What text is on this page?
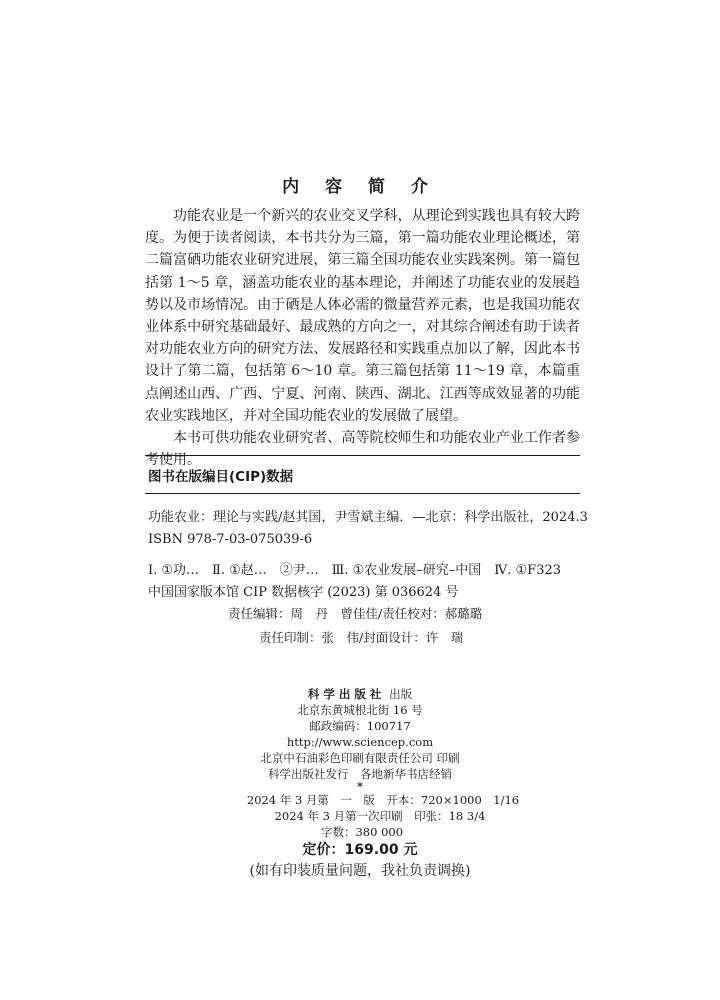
内 容 简 介

功能农业是一个新兴的农业交叉学科，从理论到实践也具有较大跨度。为便于读者阅读，本书共分为三篇，第一篇功能农业理论概述，第二篇富硒功能农业研究进展，第三篇全国功能农业实践案例。第一篇包括第 1～5 章，涵盖功能农业的基本理论，并阐述了功能农业的发展趋势以及市场情况。由于硒是人体必需的微量营养元素，也是我国功能农业体系中研究基础最好、最成熟的方向之一，对其综合阐述有助于读者对功能农业方向的研究方法、发展路径和实践重点加以了解，因此本书设计了第二篇，包括第 6～10 章。第三篇包括第 11～19 章，本篇重点阐述山西、广西、宁夏、河南、陕西、湖北、江西等成效显著的功能农业实践地区，并对全国功能农业的发展做了展望。

本书可供功能农业研究者、高等院校师生和功能农业产业工作者参考使用。

图书在版编目(CIP)数据
功能农业：理论与实践/赵其国，尹雪斌主编．—北京：科学出版社，2024.3
ISBN 978-7-03-075039-6
Ⅰ. ①功…　Ⅱ. ①赵…　②尹…　Ⅲ. ①农业发展–研究–中国　Ⅳ. ①F323
中国国家版本馆 CIP 数据核字 (2023) 第 036624 号
责任编辑：周　丹　曾佳佳/责任校对：郝璐璐
责任印制：张　伟/封面设计：许　瑞
科学出版社 出版
北京东黄城根北街 16 号
邮政编码：100717
http://www.sciencep.com
北京中石油彩色印刷有限责任公司 印刷
科学出版社发行　各地新华书店经销
*
2024 年 3 月第　一　版　开本：720×1000　1/16
2024 年 3 月第一次印刷　印张：18 3/4
字数：380 000
定价：169.00 元
(如有印装质量问题，我社负责调换)
